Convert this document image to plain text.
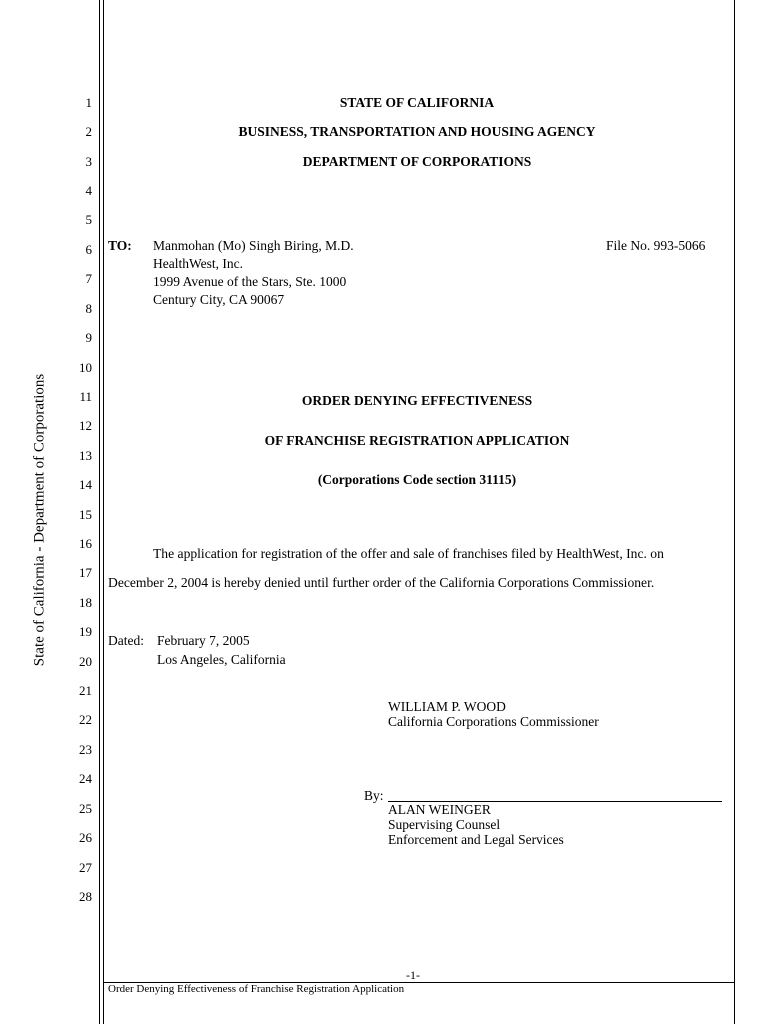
State of California - Department of Corporations
1
2
3
4
5
6
7
8
9
10
11
12
13
14
15
16
17
18
19
20
21
22
23
24
25
26
27
28
STATE OF CALIFORNIA
BUSINESS, TRANSPORTATION AND HOUSING AGENCY
DEPARTMENT OF CORPORATIONS
TO: Manmohan (Mo) Singh Biring, M.D.
HealthWest, Inc.
1999 Avenue of the Stars, Ste. 1000
Century City, CA 90067
File No. 993-5066
ORDER DENYING EFFECTIVENESS
OF FRANCHISE REGISTRATION APPLICATION
(Corporations Code section 31115)
The application for registration of the offer and sale of franchises filed by HealthWest, Inc. on
December 2, 2004 is hereby denied until further order of the California Corporations Commissioner.
Dated: February 7, 2005
Los Angeles, California
WILLIAM P. WOOD
California Corporations Commissioner
By:
ALAN WEINGER
Supervising Counsel
Enforcement and Legal Services
-1-
Order Denying Effectiveness of Franchise Registration Application
